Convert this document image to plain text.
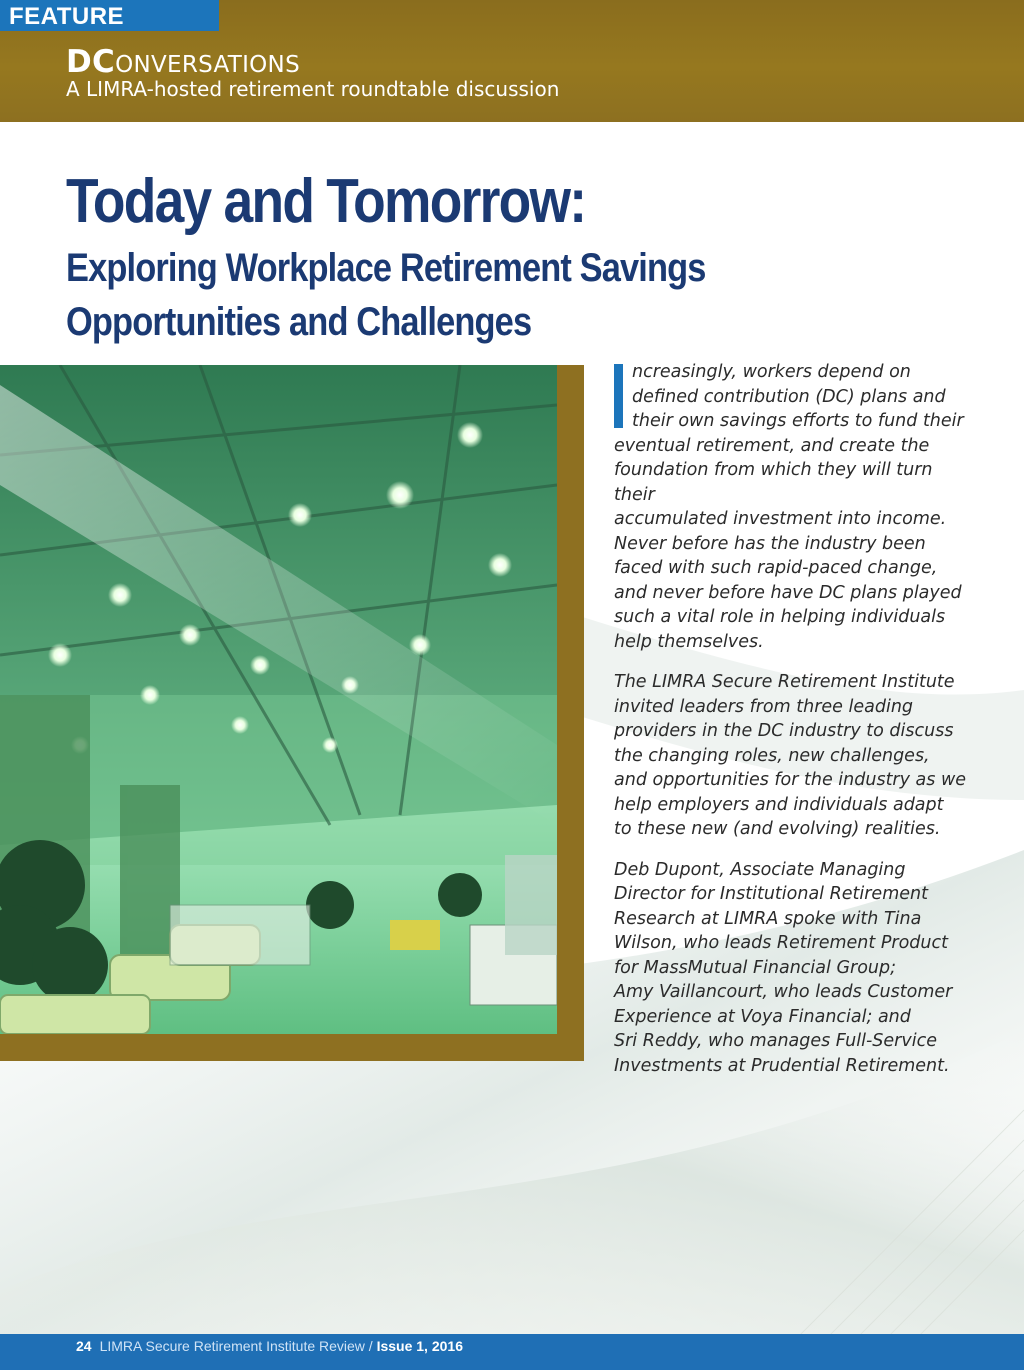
FEATURE
DCONVERSATIONS
A LIMRA-hosted retirement roundtable discussion
Today and Tomorrow:
Exploring Workplace Retirement Savings
Opportunities and Challenges

ncreasingly, workers depend on
defined contribution (DC) plans and
their own savings efforts to fund their
eventual retirement, and create the
foundation from which they will turn their
accumulated investment into income.
Never before has the industry been
faced with such rapid-paced change,
and never before have DC plans played
such a vital role in helping individuals
help themselves.

The LIMRA Secure Retirement Institute
invited leaders from three leading
providers in the DC industry to discuss
the changing roles, new challenges,
and opportunities for the industry as we
help employers and individuals adapt
to these new (and evolving) realities.

Deb Dupont, Associate Managing
Director for Institutional Retirement
Research at LIMRA spoke with Tina
Wilson, who leads Retirement Product
for MassMutual Financial Group;
Amy Vaillancourt, who leads Customer
Experience at Voya Financial; and
Sri Reddy, who manages Full-Service
Investments at Prudential Retirement.

24 LIMRA Secure Retirement Institute Review / Issue 1, 2016
